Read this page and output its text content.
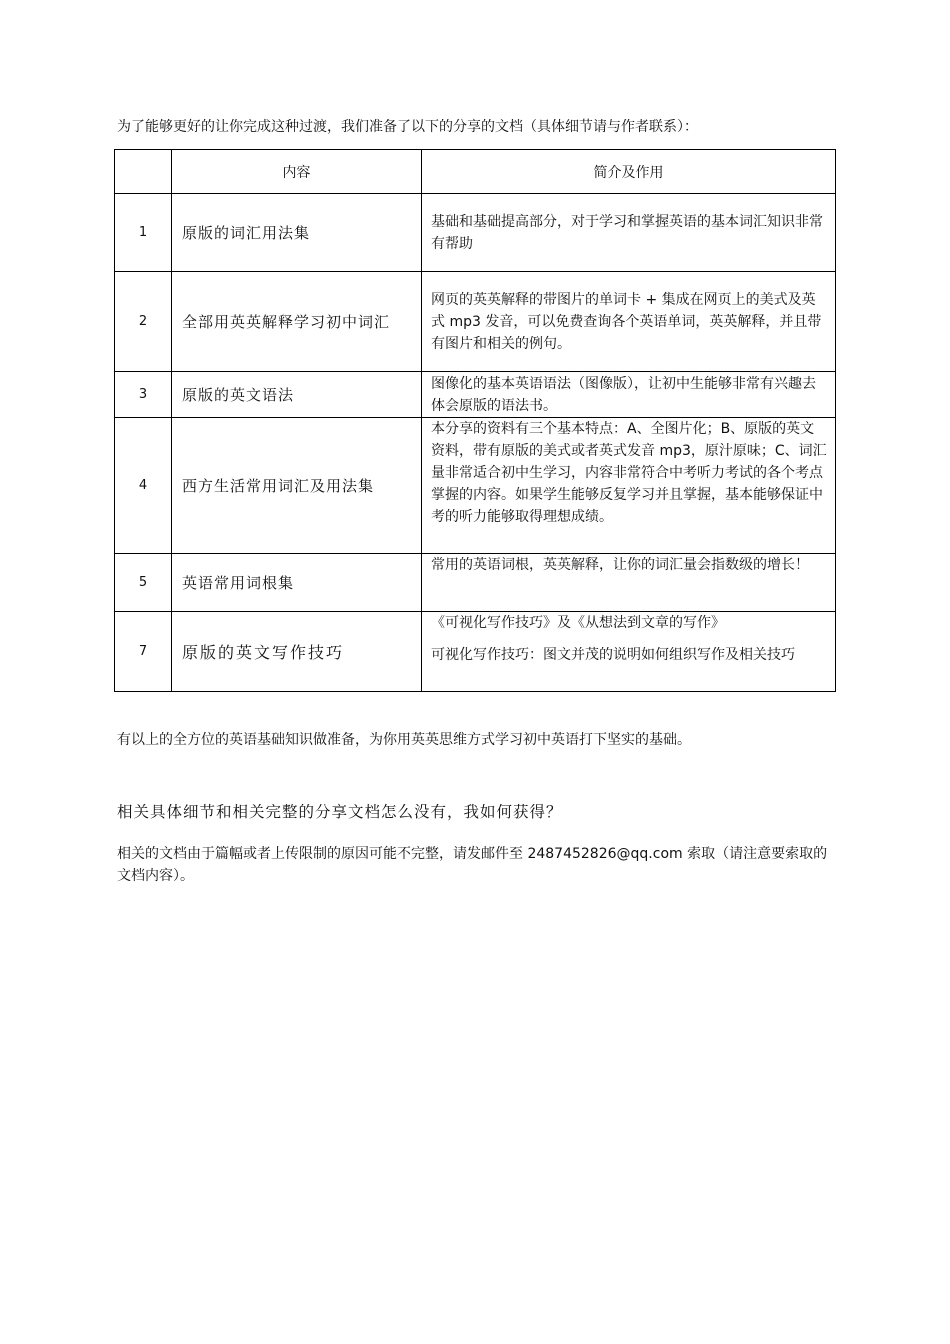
为了能够更好的让你完成这种过渡，我们准备了以下的分享的文档（具体细节请与作者联系）：
	内容	简介及作用
1	原版的词汇用法集	基础和基础提高部分，对于学习和掌握英语的基本词汇知识非常有帮助

2	全部用英英解释学习初中词汇	网页的英英解释的带图片的单词卡 + 集成在网页上的美式及英式 mp3 发音，可以免费查询各个英语单词，英英解释，并且带有图片和相关的例句。

3	原版的英文语法	图像化的基本英语语法（图像版），让初中生能够非常有兴趣去体会原版的语法书。

4	西方生活常用词汇及用法集	本分享的资料有三个基本特点：A、全图片化；B、原版的英文资料，带有原版的美式或者英式发音 mp3，原汁原味；C、词汇量非常适合初中生学习，内容非常符合中考听力考试的各个考点掌握的内容。如果学生能够反复学习并且掌握，基本能够保证中考的听力能够取得理想成绩。

5	英语常用词根集	常用的英语词根，英英解释，让你的词汇量会指数级的增长！

7	原版的英文写作技巧	《可视化写作技巧》及《从想法到文章的写作》

可视化写作技巧：图文并茂的说明如何组织写作及相关技巧

有以上的全方位的英语基础知识做准备，为你用英英思维方式学习初中英语打下坚实的基础。
相关具体细节和相关完整的分享文档怎么没有，我如何获得？
相关的文档由于篇幅或者上传限制的原因可能不完整，请发邮件至 2487452826@qq.com 索取（请注意要索取的文档内容）。
